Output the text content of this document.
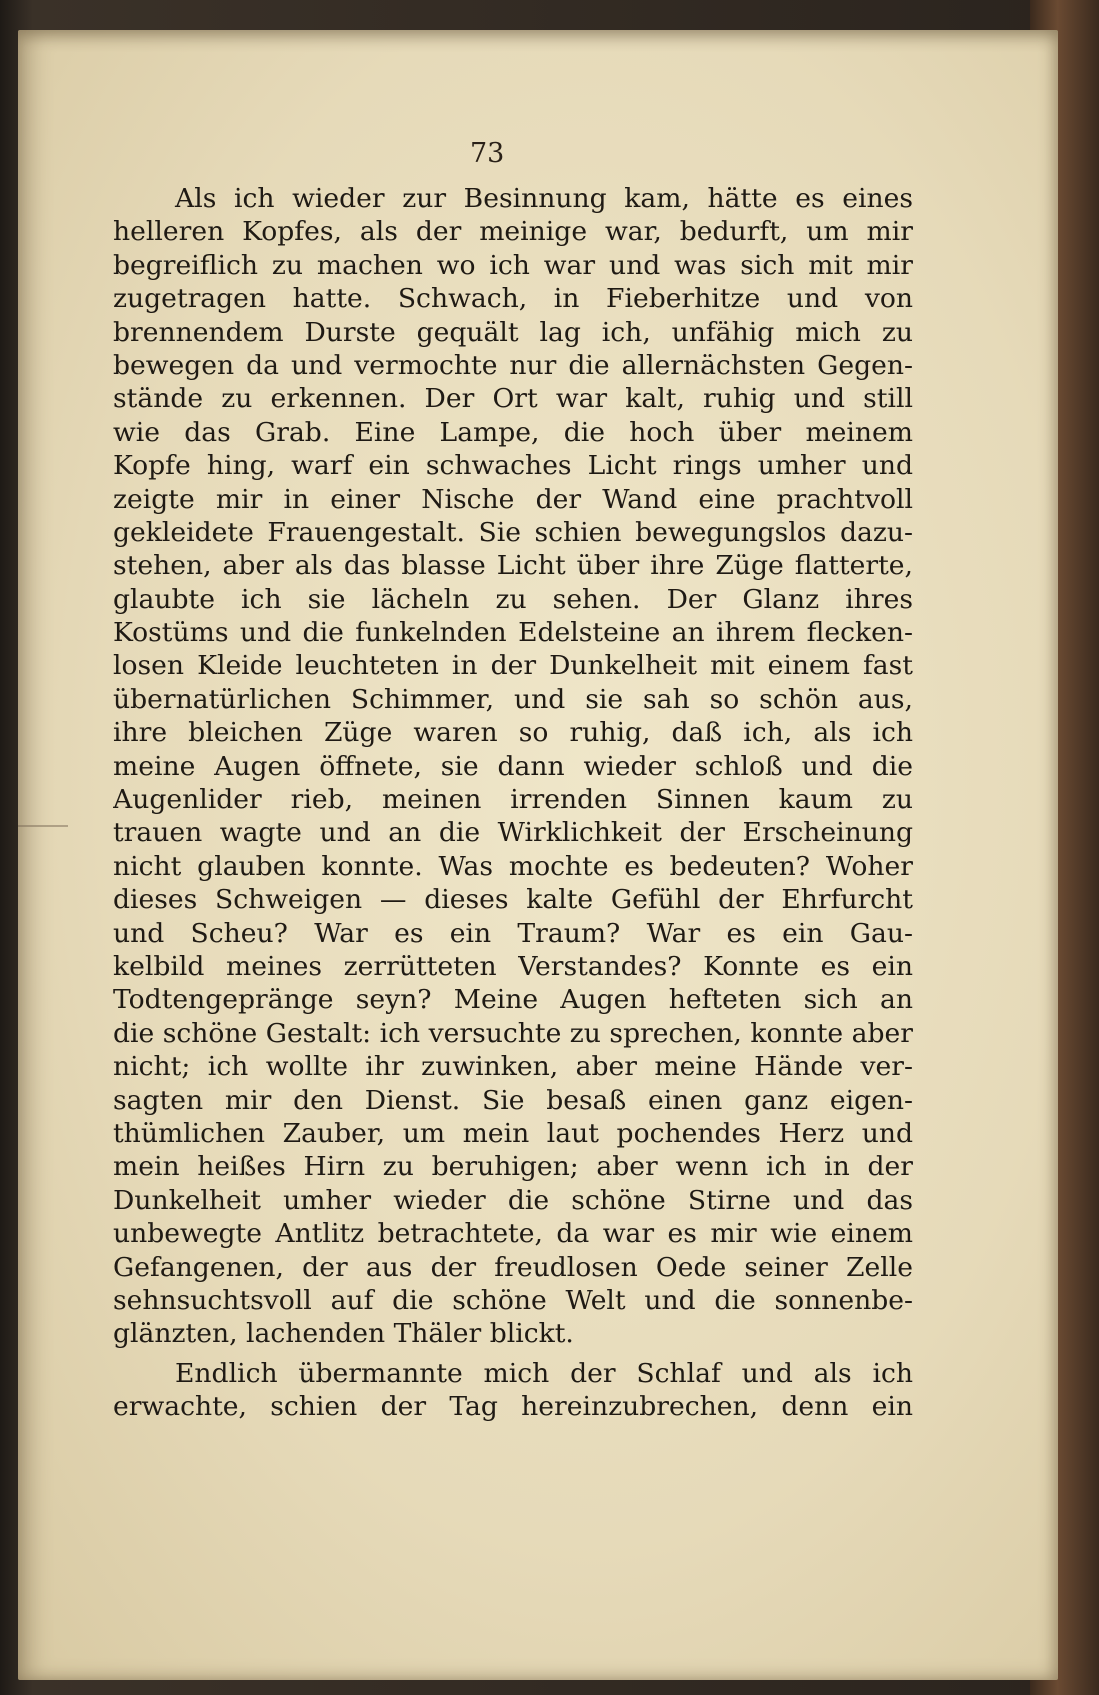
73
Als ich wieder zur Besinnung kam, hätte es eines
helleren Kopfes, als der meinige war, bedurft, um mir
begreiflich zu machen wo ich war und was sich mit mir
zugetragen hatte. Schwach, in Fieberhitze und von
brennendem Durste gequält lag ich, unfähig mich zu
bewegen da und vermochte nur die allernächsten Gegen-
stände zu erkennen. Der Ort war kalt, ruhig und still
wie das Grab. Eine Lampe, die hoch über meinem
Kopfe hing, warf ein schwaches Licht rings umher und
zeigte mir in einer Nische der Wand eine prachtvoll
gekleidete Frauengestalt. Sie schien bewegungslos dazu-
stehen, aber als das blasse Licht über ihre Züge flatterte,
glaubte ich sie lächeln zu sehen. Der Glanz ihres
Kostüms und die funkelnden Edelsteine an ihrem flecken-
losen Kleide leuchteten in der Dunkelheit mit einem fast
übernatürlichen Schimmer, und sie sah so schön aus,
ihre bleichen Züge waren so ruhig, daß ich, als ich
meine Augen öffnete, sie dann wieder schloß und die
Augenlider rieb, meinen irrenden Sinnen kaum zu
trauen wagte und an die Wirklichkeit der Erscheinung
nicht glauben konnte. Was mochte es bedeuten? Woher
dieses Schweigen — dieses kalte Gefühl der Ehrfurcht
und Scheu? War es ein Traum? War es ein Gau-
kelbild meines zerrütteten Verstandes? Konnte es ein
Todtengepränge seyn? Meine Augen hefteten sich an
die schöne Gestalt: ich versuchte zu sprechen, konnte aber
nicht; ich wollte ihr zuwinken, aber meine Hände ver-
sagten mir den Dienst. Sie besaß einen ganz eigen-
thümlichen Zauber, um mein laut pochendes Herz und
mein heißes Hirn zu beruhigen; aber wenn ich in der
Dunkelheit umher wieder die schöne Stirne und das
unbewegte Antlitz betrachtete, da war es mir wie einem
Gefangenen, der aus der freudlosen Oede seiner Zelle
sehnsuchtsvoll auf die schöne Welt und die sonnenbe-
glänzten, lachenden Thäler blickt.
Endlich übermannte mich der Schlaf und als ich
erwachte, schien der Tag hereinzubrechen, denn ein
